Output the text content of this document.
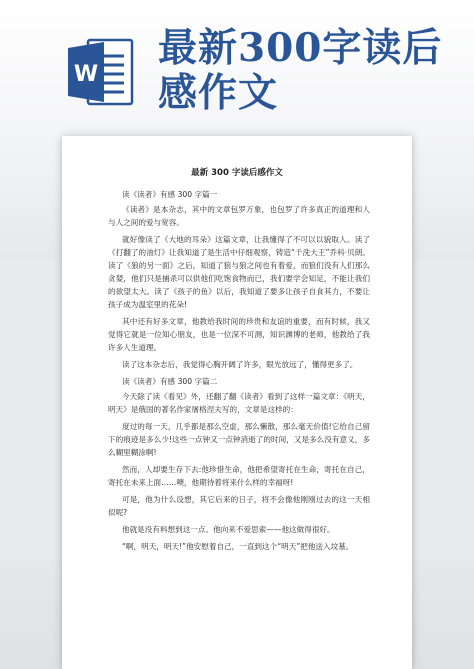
W
最新300字读后
感作文
最新 300 字读后感作文

读《读者》有感 300 字篇一

《读者》是本杂志，其中的文章包罗万象，也包罗了许多真正的道理和人与人之间的爱与宽容。

就好像读了《大地的耳朵》这篇文章，让我懂得了不可以以貌取人。读了《打翻了的油灯》让我知道了是生活中仔细观察，铸造“千洗大王”乔科·贝朗。读了《狼的另一面》之后，知道了狼与狼之间也有着爱，而狼们没有人们那么贪婪，他们只是捕杀可以供他们吃饱食物而已，我们要学会知足，不能让我们的欲望太大。读了《孩子的鱼》以后，我知道了要多让孩子自食其力，不要让孩子成为温室里的花朵!

其中还有好多文章，他教给我时间的珍贵和友谊的重要，而有时候，我又觉得它就是一位知心朋友，也是一位深不可测，知识渊博的老师，他教给了我许多人生道理。

读了这本杂志后，我觉得心胸开阔了许多，眼光放远了，懂得更多了。

读《读者》有感 300 字篇二

今天除了读《看见》外，还翻了翻《读者》看到了这样一篇文章：《明天，明天》是俄国的著名作家屠格涅夫写的，文章是这样的：

度过的每一天，几乎都是那么空虚，那么懒散，那么毫无价值!它给自己留下的痕迹是多么少!这些一点钟又一点钟消逝了的时间，又是多么没有意义，多么糊里糊涂啊!

然而，人却要生存下去:他珍惜生命，他把希望寄托在生命，寄托在自己，寄托在未来上面……噢，他期待着将来什么样的幸福呀!

可是，他为什么设想，其它后来的日子，将不会像他刚刚过去的这一天相似呢?

他就是没有料想到这一点。他向来不爱思索——他这做得很好。

“啊，明天，明天!”他安慰着自己，一直到这个“明天”把他送入坟墓。
